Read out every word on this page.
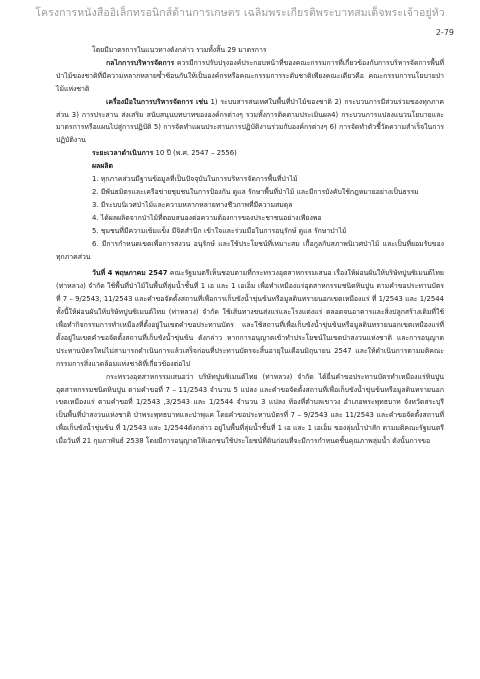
โครงการหนังสืออิเล็กทรอนิกส์ด้านการเกษตร เฉลิมพระเกียรติพระบาทสมเด็จพระเจ้าอยู่หัว
2-79

โดยมีมาตรการในแนวทางดังกล่าว รวมทั้งสิ้น 29 มาตรการ

กลไกการบริหารจัดการ ควรมีการปรับปรุงองค์ประกอบหน้าที่ของคณะกรรมการที่เกี่ยวข้องกับการบริหารจัดการพื้นที่ป่าไม้ของชาติที่มีความหลากหลายซ้ำซ้อนกันให้เป็นองค์กรหรือคณะกรรมการระดับชาติเพียงคณะเดียวคือ คณะกรรมการนโยบายป่าไม้แห่งชาติ

เครื่องมือในการบริหารจัดการ เช่น 1) ระบบสารสนเทศในพื้นที่ป่าไม้ของชาติ 2) กระบวนการมีส่วนร่วมของทุกภาคส่วน 3) การประสาน ส่งเสริม สนับสนุนบทบาทขององค์กรต่างๆ รวมทั้งการติดตามประเมินผล4) กระบวนการแปลงแนวนโยบายและมาตรการหรือแผนไปสู่การปฏิบัติ 5) การจัดทำแผนประสานการปฏิบัติงานร่วมกับองค์กรต่างๆ 6) การจัดทำตัวชี้วัดความสำเร็จในการปฏิบัติงาน

ระยะเวลาดำเนินการ 10 ปี (พ.ศ. 2547 – 2556)

ผลผลิต

1. ทุกภาคส่วนมีฐานข้อมูลที่เป็นปัจจุบันในการบริหารจัดการพื้นที่ป่าไม้

2. มีพันธมิตรและเครือข่ายชุมชนในการป้องกัน ดูแล รักษาพื้นที่ป่าไม้ และมีการบังคับใช้กฎหมายอย่างเป็นธรรม

3. มีระบบนิเวศป่าไม้และความหลากหลายทางชีวภาพที่มีความสมดุล

4. ได้ผลผลิตจากป่าไม้ที่ตอบสนองต่อความต้องการของประชาชนอย่างเพียงพอ

5. ชุมชนที่มีความเข้มแข็ง มีจิตสำนึก เข้าใจและร่วมมือในการอนุรักษ์ ดูแล รักษาป่าไม้

6. มีการกำหนดเขตเพื่อการสงวน อนุรักษ์ และใช้ประโยชน์ที่เหมาะสม เกื้อกูลกับสภาพนิเวศป่าไม้ และเป็นที่ยอมรับของทุกภาคส่วน

วันที่ 4 พฤษภาคม 2547 คณะรัฐมนตรีเห็นชอบตามที่กระทรวงอุตสาหกรรมเสนอ เรื่องให้ผ่อนผันให้บริษัทปูนซิเมนต์ไทย (ท่าหลวง) จำกัด ใช้พื้นที่ป่าไม้ในพื้นที่ลุ่มน้ำชั้นที่ 1 เอ และ 1 เอเอ็ม เพื่อทำเหมืองแร่อุตสาหกรรมชนิดหินปูน ตามคำขอประทานบัตรที่ 7 – 9/2543, 11/2543 และคำขอจัดตั้งสถานที่เพื่อการเก็บขังน้ำขุ่นข้นหรือมูลดินทรายนอกเขตเหมืองแร่ ที่ 1/2543 และ 1/2544 ทั้งนี้ให้ผ่อนผันให้บริษัทปูนซิเมนต์ไทย (ท่าหลวง) จำกัด ใช้เส้นทางขนส่งแร่และโรงแต่งแร่ ตลอดจนอาคารและสิ่งปลูกสร้างเดิมที่ใช้เพื่อทำกิจกรรมการทำเหมืองที่ตั้งอยู่ในเขตคำขอประทานบัตร และใช้สถานที่เพื่อเก็บขังน้ำขุ่นข้นหรือมูลดินทรายนอกเขตเหมืองแร่ที่ตั้งอยู่ในเขตคำขอจัดตั้งสถานที่เก็บขังน้ำขุ่นข้น ดังกล่าว หากการอนุญาตเข้าทำประโยชน์ในเขตป่าสงวนแห่งชาติ และการอนุญาตประทานบัตรใหม่ไม่สามารถดำเนินการแล้วเสร็จก่อนที่ประทานบัตรจะสิ้นอายุในเดือนมิถุนายน 2547 และให้ดำเนินการตามมติคณะกรรมการสิ่งแวดล้อมแห่งชาติที่เกี่ยวข้องต่อไป

กระทรวงอุตสาหกรรมเสนอว่า บริษัทปูนซิเมนต์ไทย (ท่าหลวง) จำกัด ได้ยื่นคำขอประทานบัตรทำเหมืองแร่หินปูนอุตสาหกรรมชนิดหินปูน ตามคำขอที่ 7 – 11/2543 จำนวน 5 แปลง และคำขอจัดตั้งสถานที่เพื่อเก็บขังน้ำขุ่นข้นหรือมูลดินทรายนอกเขตเหมืองแร่ ตามคำขอที่ 1/2543 ,3/2543 และ 1/2544 จำนวน 3 แปลง ท้องที่ตำบลเขาวง อำเภอพระพุทธบาท จังหวัดสระบุรี เป็นพื้นที่ป่าสงวนแห่งชาติ ป่าพระพุทธบาทและป่าพุแค โดยคำขอประทานบัตรที่ 7 – 9/2543 และ 11/2543 และคำขอจัดตั้งสถานที่เพื่อเก็บขังน้ำขุ่นข้น ที่ 1/2543 และ 1/2544ดังกล่าว อยู่ในพื้นที่ลุ่มน้ำชั้นที่ 1 เอ และ 1 เอเอ็ม ของลุ่มน้ำป่าสัก ตามมติคณะรัฐมนตรีเมื่อวันที่ 21 กุมภาพันธ์ 2538 โดยมีการอนุญาตให้เอกชนใช้ประโยชน์ที่ดินก่อนที่จะมีการกำหนดชั้นคุณภาพลุ่มน้ำ ดังนั้นการขอ
